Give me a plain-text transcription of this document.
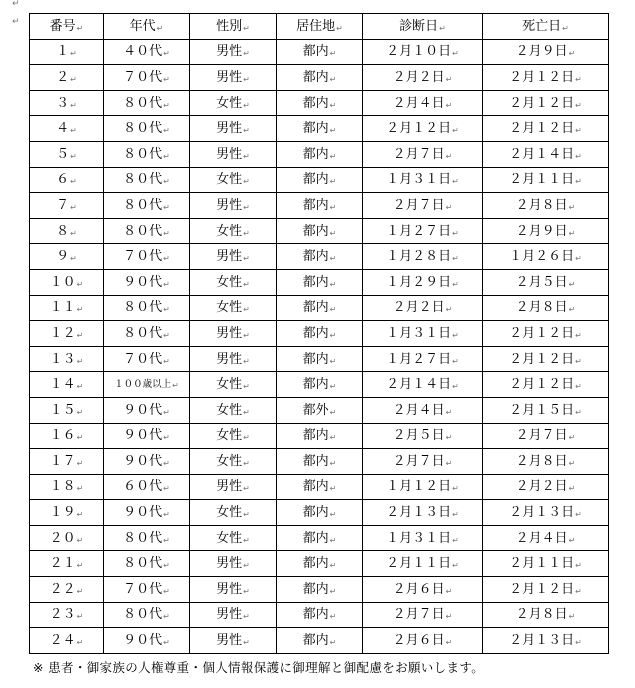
↵
↵ 番号↵	年代↵	性別↵	居住地↵	診断日↵	死亡日↵
１↵	４０代↵	男性↵	都内↵	２月１０日↵	２月９日↵
２↵	７０代↵	男性↵	都内↵	２月２日↵	２月１２日↵
３↵	８０代↵	女性↵	都内↵	２月４日↵	２月１２日↵
４↵	８０代↵	男性↵	都内↵	２月１２日↵	２月１２日↵
５↵	８０代↵	男性↵	都内↵	２月７日↵	２月１４日↵
６↵	８０代↵	女性↵	都内↵	１月３１日↵	２月１１日↵
７↵	８０代↵	男性↵	都内↵	２月７日↵	２月８日↵
８↵	８０代↵	女性↵	都内↵	１月２７日↵	２月９日↵
９↵	７０代↵	男性↵	都内↵	１月２８日↵	１月２６日↵
１０↵	９０代↵	女性↵	都内↵	１月２９日↵	２月５日↵
１１↵	８０代↵	女性↵	都内↵	２月２日↵	２月８日↵
１２↵	８０代↵	男性↵	都内↵	１月３１日↵	２月１２日↵
１３↵	７０代↵	男性↵	都内↵	１月２７日↵	２月１２日↵
１４↵	１００歳以上↵	女性↵	都内↵	２月１４日↵	２月１２日↵
１５↵	９０代↵	女性↵	都外↵	２月４日↵	２月１５日↵
１６↵	９０代↵	女性↵	都内↵	２月５日↵	２月７日↵
１７↵	９０代↵	女性↵	都内↵	２月７日↵	２月８日↵
１８↵	６０代↵	男性↵	都内↵	１月１２日↵	２月２日↵
１９↵	９０代↵	女性↵	都内↵	２月１３日↵	２月１３日↵
２０↵	８０代↵	女性↵	都内↵	１月３１日↵	２月４日↵
２１↵	８０代↵	男性↵	都内↵	２月１１日↵	２月１１日↵
２２↵	７０代↵	男性↵	都内↵	２月６日↵	２月１２日↵
２３↵	８０代↵	男性↵	都内↵	２月７日↵	２月８日↵
２４↵	９０代↵	男性↵	都内↵	２月６日↵	２月１３日↵
※ 患者・御家族の人権尊重・個人情報保護に御理解と御配慮をお願いします。
